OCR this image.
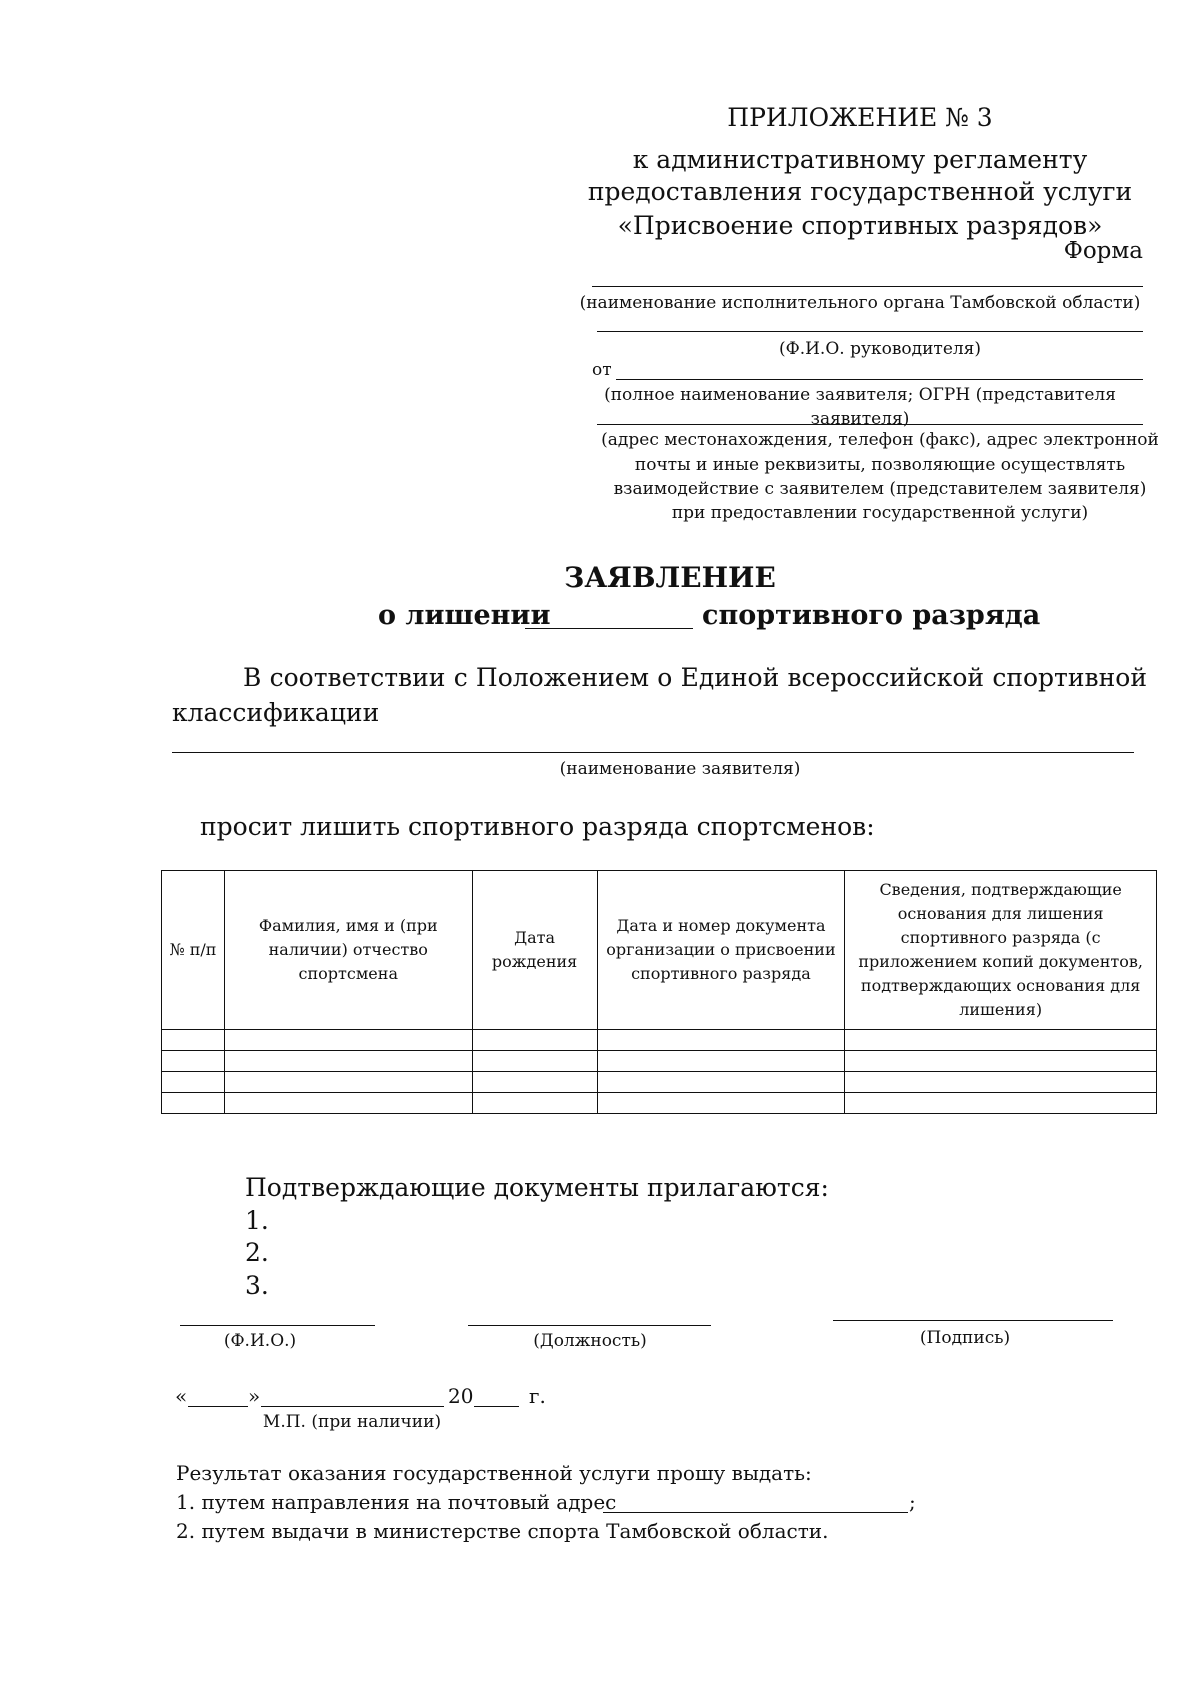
ПРИЛОЖЕНИЕ № 3
к административному регламенту
предоставления государственной услуги
«Присвоение спортивных разрядов»
Форма
(наименование исполнительного органа Тамбовской области)
(Ф.И.О. руководителя)
от
(полное наименование заявителя; ОГРН (представителя заявителя)
(адрес местонахождения, телефон (факс), адрес электронной
почты и иные реквизиты, позволяющие осуществлять
взаимодействие с заявителем (представителем заявителя)
при предоставлении государственной услуги)
ЗАЯВЛЕНИЕ
о лишении	спортивного разряда
В соответствии с Положением о Единой всероссийской спортивной
классификации
(наименование заявителя)
просит лишить спортивного разряда спортсменов:
№ п/п	Фамилия, имя и (при наличии) отчество спортсмена	Дата рождения	Дата и номер документа организации о присвоении спортивного разряда	Сведения, подтверждающие основания для лишения спортивного разряда (с приложением копий документов, подтверждающих основания для лишения)

Подтверждающие документы прилагаются:
1.
2.
3.
(Ф.И.О.)	(Должность)	(Подпись)
«	»	20	г.
М.П. (при наличии)
Результат оказания государственной услуги прошу выдать:
1. путем направления на почтовый адрес	;
2. путем выдачи в министерстве спорта Тамбовской области.
